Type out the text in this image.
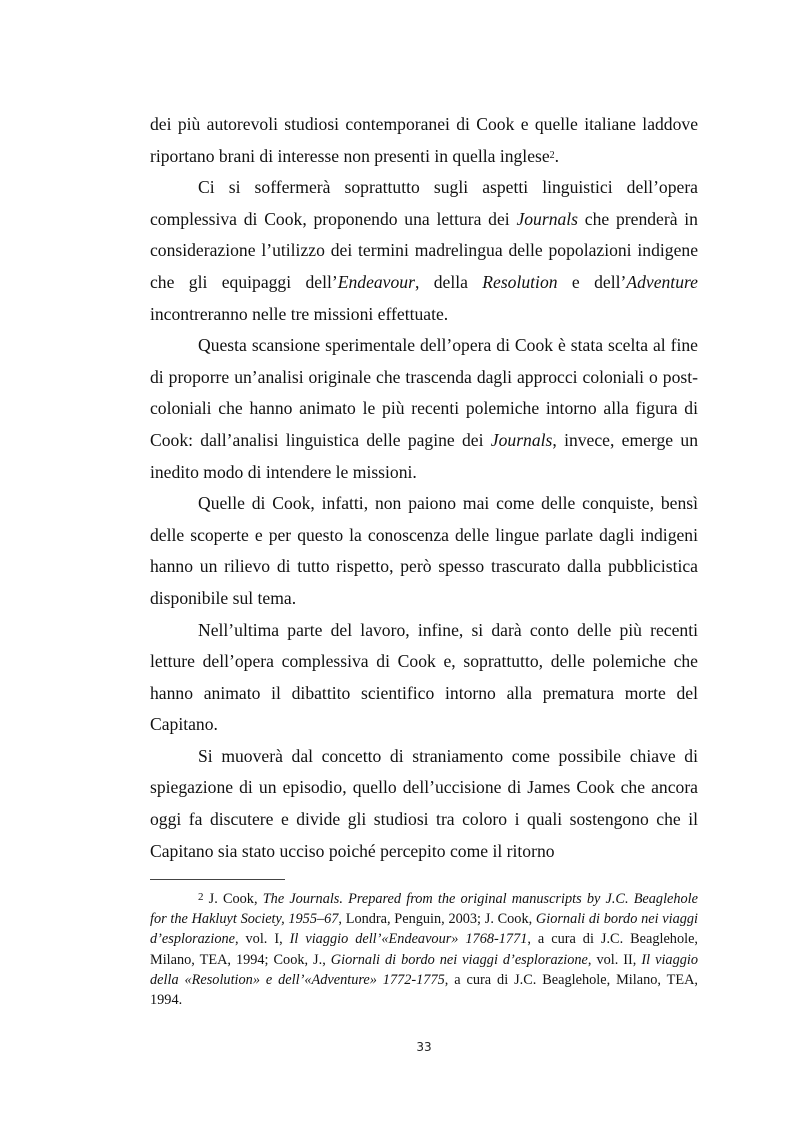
dei più autorevoli studiosi contemporanei di Cook e quelle italiane laddove riportano brani di interesse non presenti in quella inglese$^2$.

Ci si soffermerà soprattutto sugli aspetti linguistici dell’opera complessiva di Cook, proponendo una lettura dei Journals che prenderà in considerazione l’utilizzo dei termini madrelingua delle popolazioni indigene che gli equipaggi dell’Endeavour, della Resolution e dell’Adventure incontreranno nelle tre missioni effettuate.

Questa scansione sperimentale dell’opera di Cook è stata scelta al fine di proporre un’analisi originale che trascenda dagli approcci coloniali o post-coloniali che hanno animato le più recenti polemiche intorno alla figura di Cook: dall’analisi linguistica delle pagine dei Journals, invece, emerge un inedito modo di intendere le missioni.

Quelle di Cook, infatti, non paiono mai come delle conquiste, bensì delle scoperte e per questo la conoscenza delle lingue parlate dagli indigeni hanno un rilievo di tutto rispetto, però spesso trascurato dalla pubblicistica disponibile sul tema.

Nell’ultima parte del lavoro, infine, si darà conto delle più recenti letture dell’opera complessiva di Cook e, soprattutto, delle polemiche che hanno animato il dibattito scientifico intorno alla prematura morte del Capitano.

Si muoverà dal concetto di straniamento come possibile chiave di spiegazione di un episodio, quello dell’uccisione di James Cook che ancora oggi fa discutere e divide gli studiosi tra coloro i quali sostengono che il Capitano sia stato ucciso poiché percepito come il ritorno

$^2$ J. Cook, The Journals. Prepared from the original manuscripts by J.C. Beaglehole for the Hakluyt Society, 1955–67, Londra, Penguin, 2003; J. Cook, Giornali di bordo nei viaggi d’esplorazione, vol. I, Il viaggio dell’«Endeavour» 1768-1771, a cura di J.C. Beaglehole, Milano, TEA, 1994; Cook, J., Giornali di bordo nei viaggi d’esplorazione, vol. II, Il viaggio della «Resolution» e dell’«Adventure» 1772-1775, a cura di J.C. Beaglehole, Milano, TEA, 1994.

33
